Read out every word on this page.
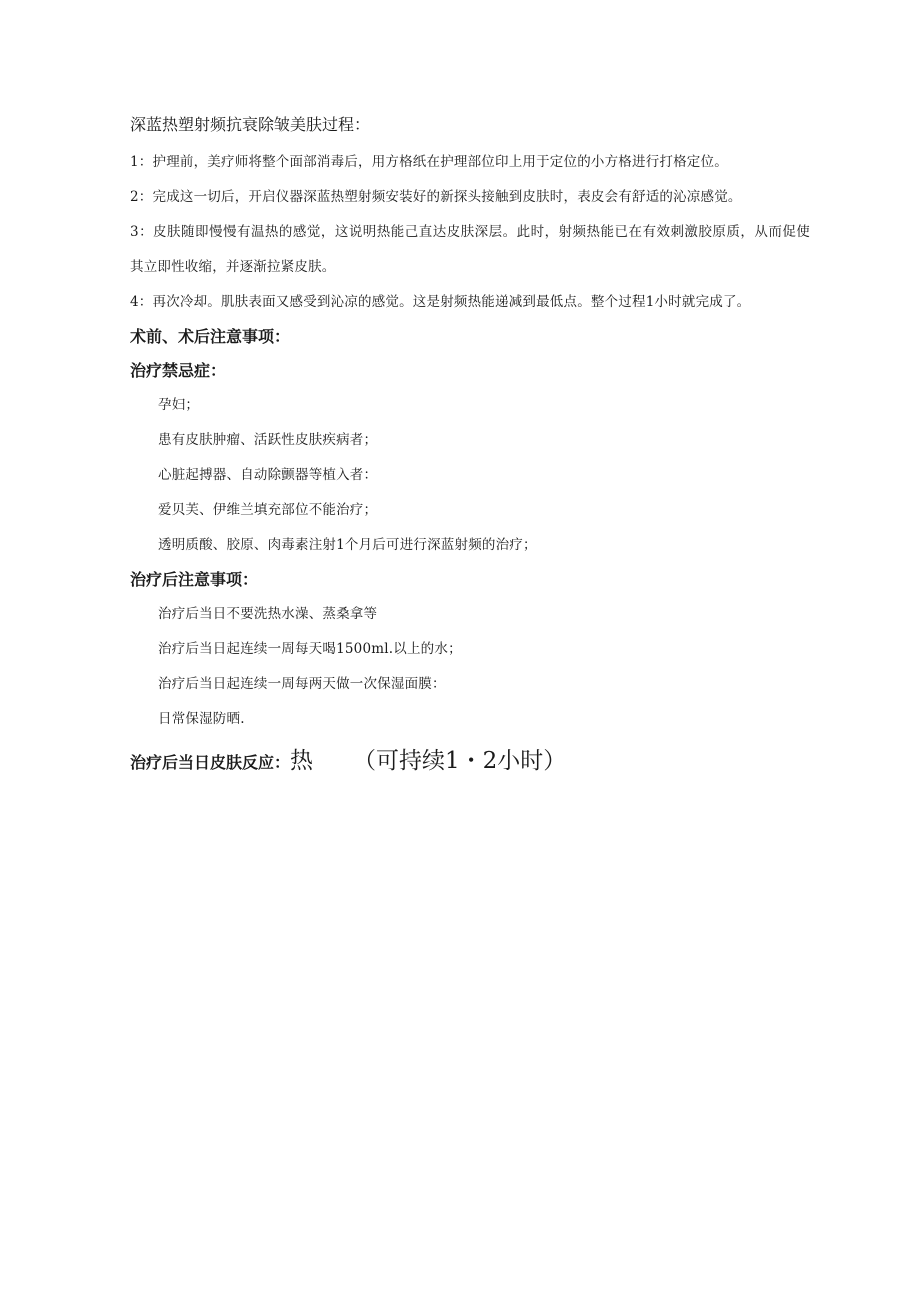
深蓝热塑射频抗衰除皱美肤过程：

1：护理前，美疗师将整个面部消毒后，用方格纸在护理部位印上用于定位的小方格进行打格定位。

2：完成这一切后，开启仪器深蓝热塑射频安装好的新探头接触到皮肤时，表皮会有舒适的沁凉感觉。

3：皮肤随即慢慢有温热的感觉，这说明热能己直达皮肤深层。此时，射频热能已在有效刺激胶原质，从而促使其立即性收缩，并逐渐拉紧皮肤。

4：再次冷却。肌肤表面又感受到沁凉的感觉。这是射频热能递减到最低点。整个过程1小时就完成了。

术前、术后注意事项：

治疗禁忌症：

孕妇；

患有皮肤肿瘤、活跃性皮肤疾病者；

心脏起搏器、自动除颤器等植入者：

爱贝芙、伊维兰填充部位不能治疗；

透明质酸、胶原、肉毒素注射1个月后可进行深蓝射频的治疗；

治疗后注意事项：

治疗后当日不要洗热水澡、蒸桑拿等

治疗后当日起连续一周每天喝1500ml.以上的水；

治疗后当日起连续一周每两天做一次保湿面膜：

日常保湿防晒.

治疗后当日皮肤反应：热 （可持续1・2小时）
